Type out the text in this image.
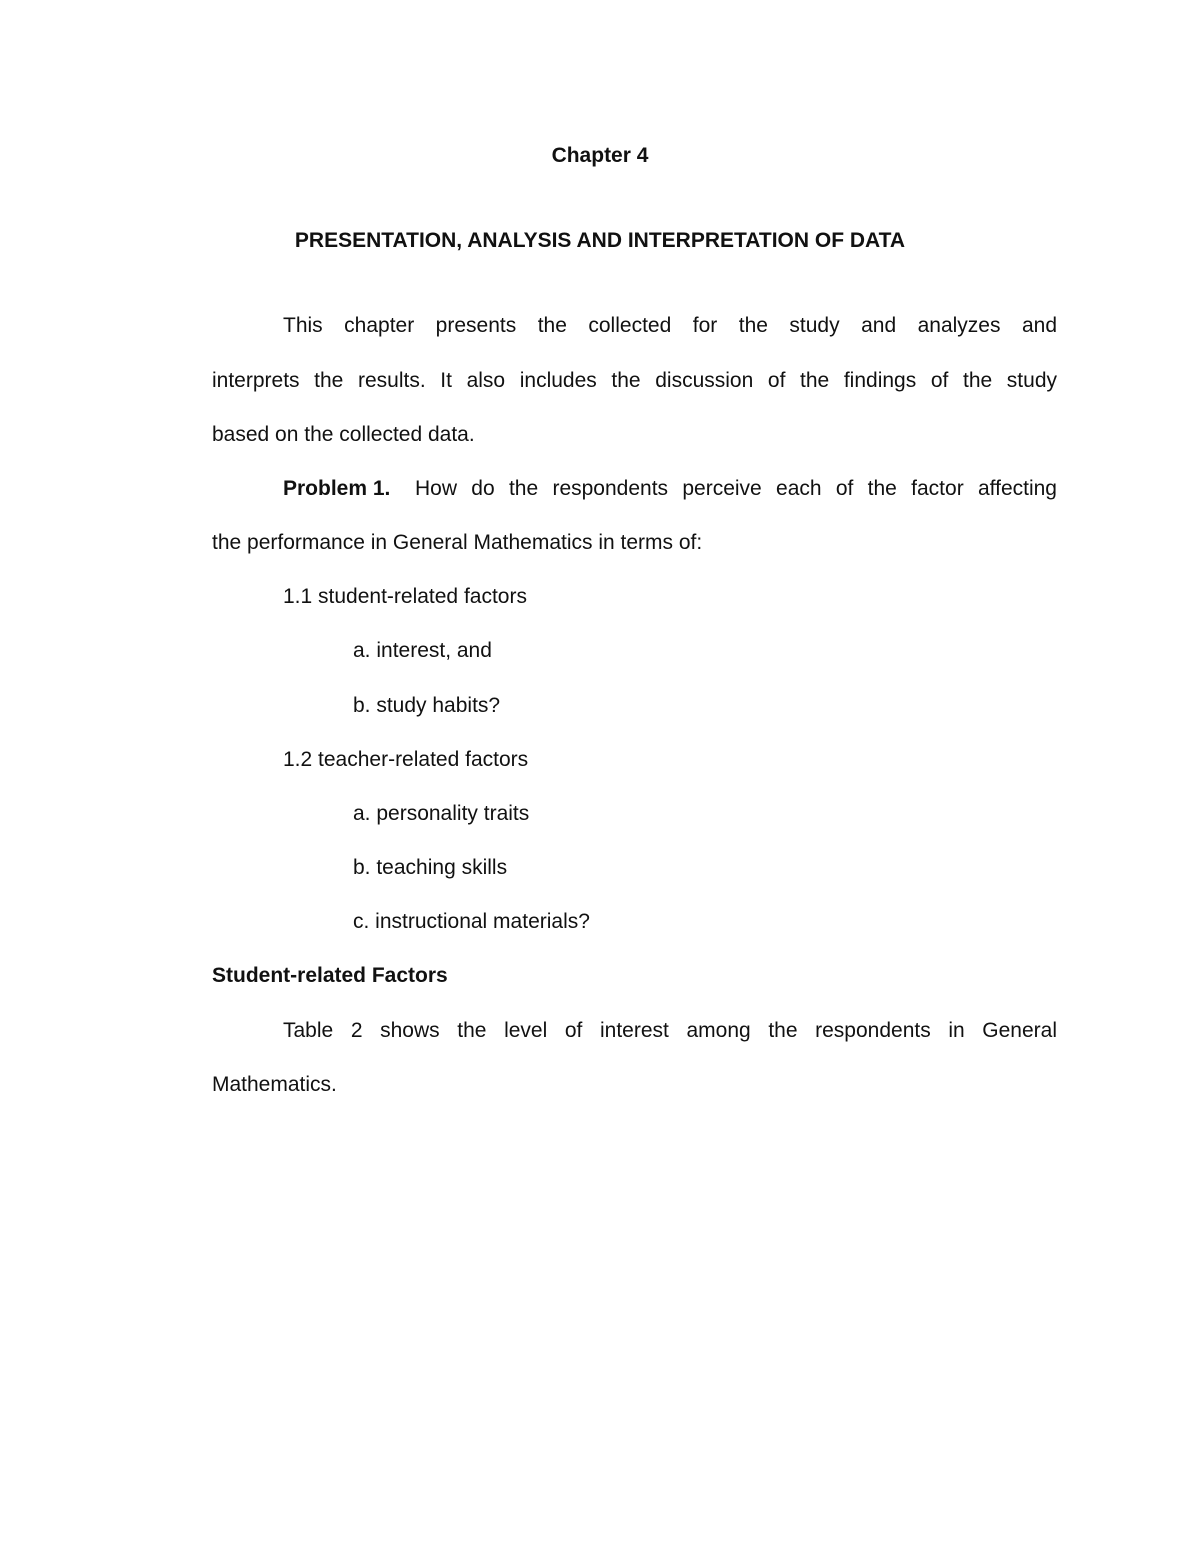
Chapter 4
PRESENTATION, ANALYSIS AND INTERPRETATION OF DATA
This chapter presents the collected for the study and analyzes and
interprets the results. It also includes the discussion of the findings of the study
based on the collected data.
Problem 1. How do the respondents perceive each of the factor affecting
the performance in General Mathematics in terms of:
1.1 student-related factors
a. interest, and
b. study habits?
1.2 teacher-related factors
a. personality traits
b. teaching skills
c. instructional materials?
Student-related Factors
Table 2 shows the level of interest among the respondents in General
Mathematics.
